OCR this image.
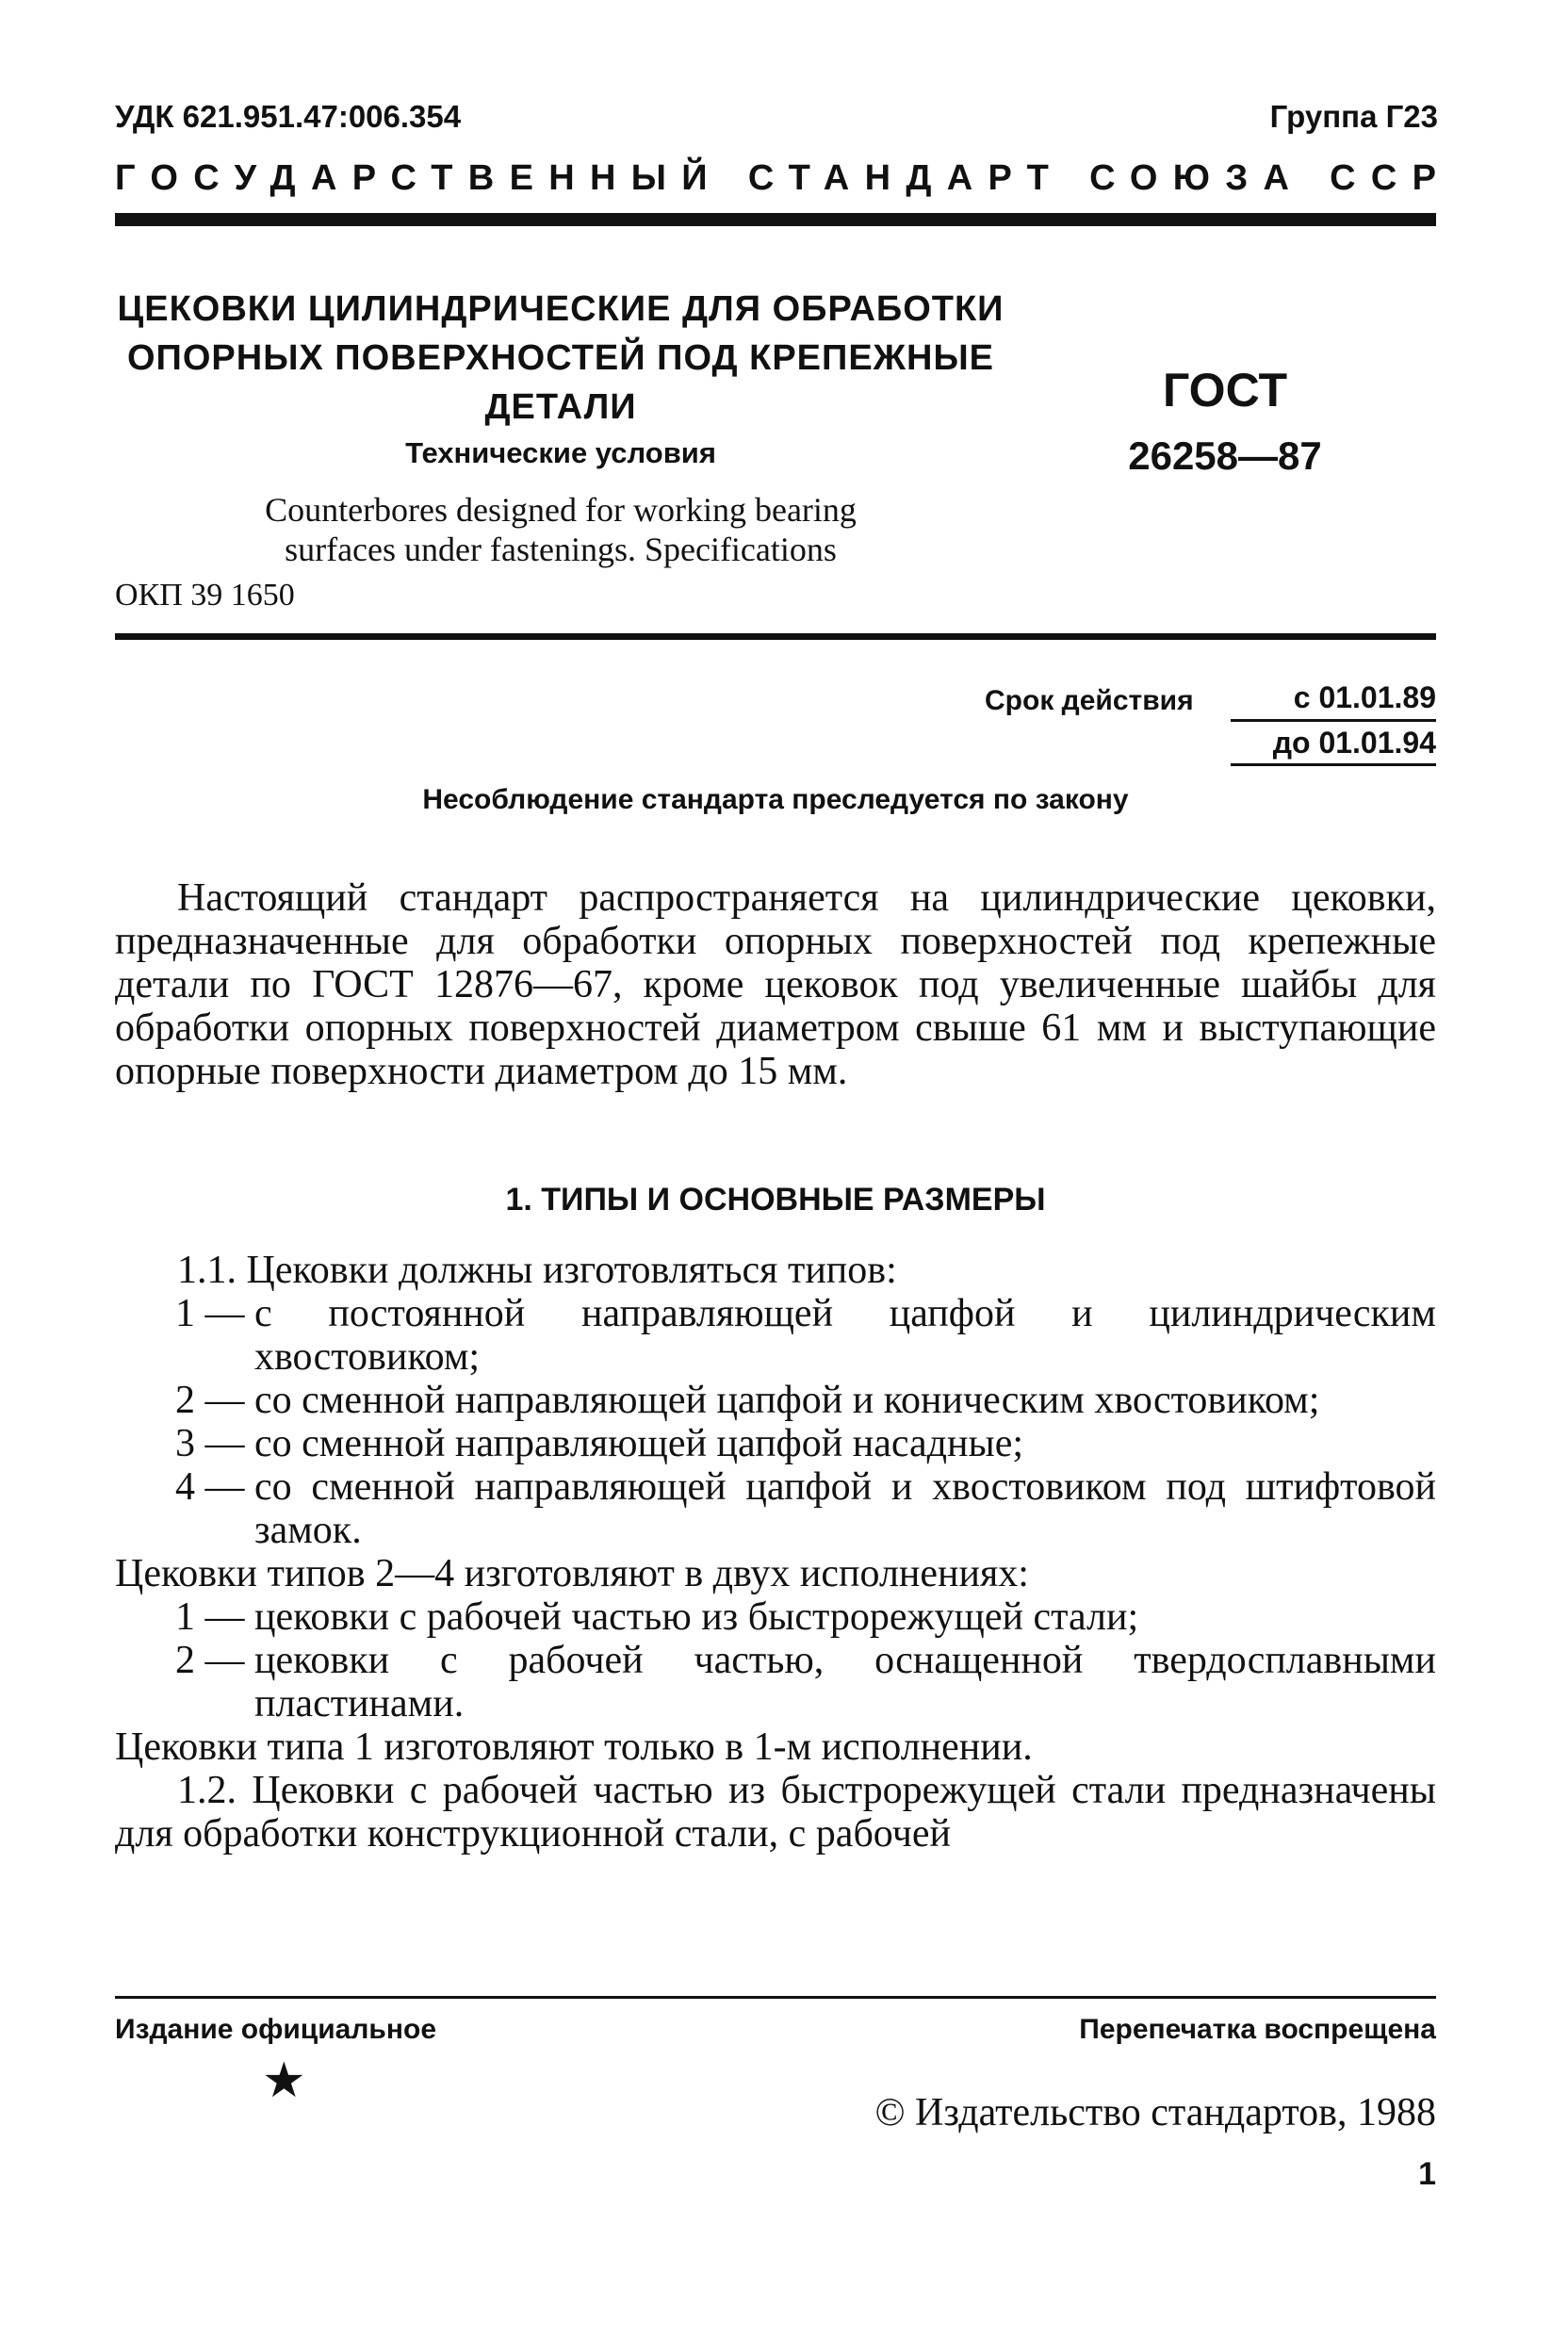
УДК 621.951.47:006.354	Группа Г23
ГОСУДАРСТВЕННЫЙ СТАНДАРТ СОЮЗА ССР
ЦЕКОВКИ ЦИЛИНДРИЧЕСКИЕ ДЛЯ ОБРАБОТКИ
ОПОРНЫХ ПОВЕРХНОСТЕЙ ПОД КРЕПЕЖНЫЕ
ДЕТАЛИ
Технические условия
Counterbores designed for working bearing
surfaces under fastenings. Specifications
ОКП 39 1650
ГОСТ
26258—87
Срок действия	с 01.01.89
до 01.01.94
Несоблюдение стандарта преследуется по закону
Настоящий стандарт распространяется на цилиндрические цековки, предназначенные для обработки опорных поверхностей под крепежные детали по ГОСТ 12876—67, кроме цековок под увеличенные шайбы для обработки опорных поверхностей диаметром свыше 61 мм и выступающие опорные поверхности диаметром до 15 мм.
1. ТИПЫ И ОСНОВНЫЕ РАЗМЕРЫ
1.1. Цековки должны изготовляться типов:
1 — с постоянной направляющей цапфой и цилиндрическим хвостовиком;
2 — со сменной направляющей цапфой и коническим хвостовиком;
3 — со сменной направляющей цапфой насадные;
4 — со сменной направляющей цапфой и хвостовиком под штифтовой замок.
Цековки типов 2—4 изготовляют в двух исполнениях:
1 — цековки с рабочей частью из быстрорежущей стали;
2 — цековки с рабочей частью, оснащенной твердосплавными пластинами.
Цековки типа 1 изготовляют только в 1-м исполнении.
1.2. Цековки с рабочей частью из быстрорежущей стали предназначены для обработки конструкционной стали, с рабочей
Издание официальное	Перепечатка воспрещена
★
© Издательство стандартов, 1988
1
